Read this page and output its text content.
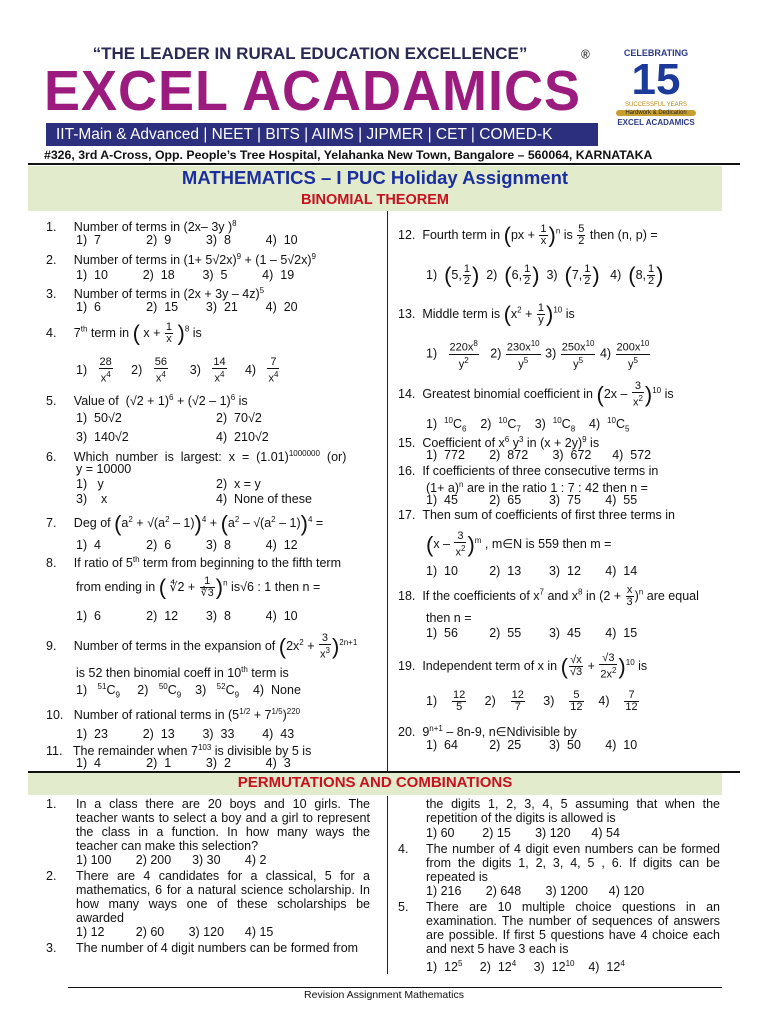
“THE LEADER IN RURAL EDUCATION EXCELLENCE”
EXCEL ACADAMICS®
IIT-Main & Advanced | NEET | BITS | AIIMS | JIPMER | CET | COMED-K
CELEBRATING
15
SUCCESSFUL YEARS
Hardwork & Dedication
EXCEL ACADAMICS
#326, 3rd A-Cross, Opp. People’s Tree Hospital, Yelahanka New Town, Bangalore – 560064, KARNATAKA
MATHEMATICS – I PUC Holiday Assignment
BINOMIAL THEOREM
1.     Number of terms in (2x– 3y )$^8$
1)  7             2)  9          3)  8          4)  10
2.     Number of terms in $(1+ 5√2x)^9 + (1 - 5√2x)^9$
1)  10          2)  18        3)  5          4)  19
3.     Number of terms in $(2x + 3y - 4z)^5$
1)  6             2)  15        3)  21        4)  20
4.     7th term in ( $x + \frac{1}{x} )^8$ is
$1) \frac{28}{x^4} 2) \frac{56}{x^4} 3) \frac{14}{x^4} 4) \frac{7}{x^4}$
5.     Value of  $(√2 + 1)^6 + (√2 - 1)^6$ is
1)  50√2	2)  70√2
3)  140√2	4)  210√2
6.     Which  number  is  largest:  $x = (1.01)^{1000000}$  (or)
y = 10000
1)   y	2)  x = y
3)    x	4)  None of these
7.     Deg of $(a^2 + √(a^2 - 1))^4 + (a^2 - √(a^2 - 1))^4$ =
1)  4             2)  6          3)  8          4)  12
8.     If ratio of 5th term from beginning to the fifth term
from ending in ( ∜2 + $\frac{1}{∜3} )^n$ is√6 : 1 then n =
1)  6             2)  12        3)  8          4)  10
9.     Number of terms in the expansion of $(2x^2 + \frac{3}{x^3} )^{2n+1}$
is 52 then binomial coeff in 10th term is
1)   $^{51}C_9$     2)   $^{50}C_9$    3)   $^{52}C_9$    4)  None
10.   Number of rational terms in $(5^{1/2} + 7^{1/5})^{220}$
1)  23          2)  13        3)  33        4)  43
11.   The remainder when $7^{103}$ is divisible by 5 is
1)  4             2)  1          3)  2          4)  3
12.  Fourth term in $(px + \frac{1}{x} )^n$ is $\frac{5}{2}$ then (n, p) =
1)  (5, $\frac{1}{2}$ )  2)  (6, $\frac{1}{2}$ )  3)  (7, $\frac{1}{2}$ )   4)  (8, $\frac{1}{2}$ )
13.  Middle term is $(x^2 + \frac{1}{y} )^{10}$ is
$1) \frac{220x^8}{y^2} 2) \frac{230x^{10}}{y^5} 3) \frac{250x^{10}}{y^5} 4) \frac{200x^{10}}{y^5}$
14.  Greatest binomial coefficient in $(2x - \frac{3}{x^2} )^{10}$ is
1)  $^{10}C_6$    2)  $^{10}C_7$    3)  $^{10}C_8$    4)  $^{10}C_5$
15.  Coefficient of $x^6$ $y^3$ in $(x + 2y)^9$ is
1)  772       2)  872       3)  672      4)  572
16.  If coefficients of three consecutive terms in
$(1+ a)^n$ are in the ratio 1 : 7 : 42 then n =
1)  45         2)  65        3)  75       4)  55
17.  Then sum of coefficients of first three terms in
$(x - \frac{3}{x^2} )^m$ , m∈N is 559 then m =
1)  10         2)  13        3)  12       4)  14
18.  If the coefficients of $x^7$ and $x^8$ in $(2 + \frac{x}{3} )^n$ are equal
then n =
1)  56         2)  55        3)  45       4)  15
19.  Independent term of x in ( $\frac{√x}{√3} + \frac{√3}{2x^2} )^{10}$ is
$1) \frac{12}{5} 2) \frac{12}{7} 3) \frac{5}{12} 4) \frac{7}{12}$
20.  $9^{n+1} - 8n-9$, n∈Ndivisible by
1)  64         2)  25        3)  50       4)  10
PERMUTATIONS AND COMBINATIONS
1. In a class there are 20 boys and 10 girls. The teacher wants to select a boy and a girl to represent the class in a function. In how many ways the teacher can make this selection?
1) 100 2) 200 3) 30 4) 2
2. There are 4 candidates for a classical, 5 for a mathematics, 6 for a natural science scholarship. In how many ways one of these scholarships be awarded
1) 12	2) 60 3) 120 4) 15
3. The number of 4 digit numbers can be formed from
the digits 1, 2, 3, 4, 5 assuming that when the repetition of the digits is allowed is
1) 60 2) 15 3) 120 4) 54
4. The number of 4 digit even numbers can be formed from the digits 1, 2, 3, 4, 5 , 6. If digits can be repeated is
1) 216 2) 648 3) 1200 4) 120
5. There are 10 multiple choice questions in an examination. The number of sequences of answers are possible. If first 5 questions have 4 choice each and next 5 have 3 each is
1)  $12^5$     2)  $12^4$     3)  $12^{10}$    4)  $12^4$
Revision Assignment Mathematics
